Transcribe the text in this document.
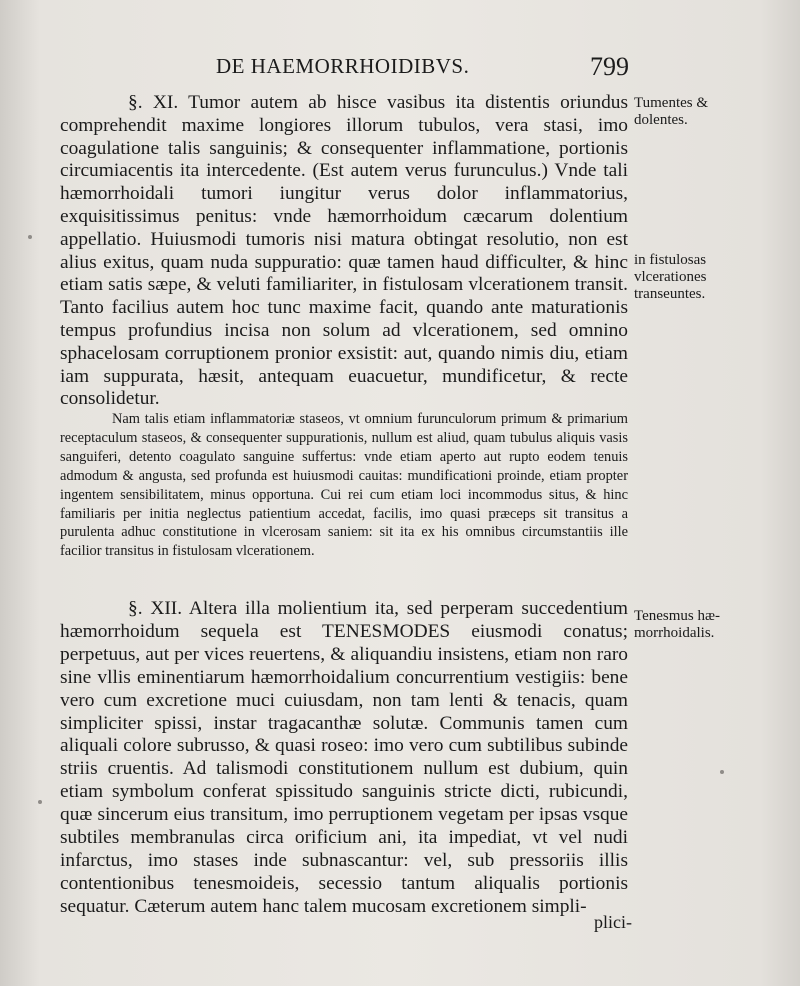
DE HAEMORRHOIDIBVS.	799

§. XI. Tumor autem ab hisce vasibus ita distentis oriundus comprehendit maxime longiores illorum tubulos, vera stasi, imo coagulatione talis sanguinis; & consequenter inflammatione, portionis circumiacentis ita intercedente. (Est autem verus furunculus.) Vnde tali hæmorrhoidali tumori iungitur verus dolor inflammatorius, exquisitissimus penitus: vnde hæmorrhoidum cæcarum dolentium appellatio. Huiusmodi tumoris nisi matura obtingat resolutio, non est alius exitus, quam nuda suppuratio: quæ tamen haud difficulter, & hinc etiam satis sæpe, & veluti familiariter, in fistulosam vlcerationem transit. Tanto facilius autem hoc tunc maxime facit, quando ante maturationis tempus profundius incisa non solum ad vlcerationem, sed omnino sphacelosam corruptionem pronior exsistit: aut, quando nimis diu, etiam iam suppurata, hæsit, antequam euacuetur, mundificetur, & recte consolidetur.

Nam talis etiam inflammatoriæ staseos, vt omnium furunculorum primum & primarium receptaculum staseos, & consequenter suppurationis, nullum est aliud, quam tubulus aliquis vasis sanguiferi, detento coagulato sanguine suffertus: vnde etiam aperto aut rupto eodem tenuis admodum & angusta, sed profunda est huiusmodi cauitas: mundificationi proinde, etiam propter ingentem sensibilitatem, minus opportuna. Cui rei cum etiam loci incommodus situs, & hinc familiaris per initia neglectus patientium accedat, facilis, imo quasi præceps sit transitus a purulenta adhuc constitutione in vlcerosam saniem: sit ita ex his omnibus circumstantiis ille facilior transitus in fistulosam vlcerationem.

§. XII. Altera illa molientium ita, sed perperam succedentium hæmorrhoidum sequela est TENESMODES eiusmodi conatus; perpetuus, aut per vices reuertens, & aliquandiu insistens, etiam non raro sine vllis eminentiarum hæmorrhoidalium concurrentium vestigiis: bene vero cum excretione muci cuiusdam, non tam lenti & tenacis, quam simpliciter spissi, instar tragacanthæ solutæ. Communis tamen cum aliquali colore subrusso, & quasi roseo: imo vero cum subtilibus subinde striis cruentis. Ad talismodi constitutionem nullum est dubium, quin etiam symbolum conferat spissitudo sanguinis stricte dicti, rubicundi, quæ sincerum eius transitum, imo perruptionem vegetam per ipsas vsque subtiles membranulas circa orificium ani, ita impediat, vt vel nudi infarctus, imo stases inde subnascantur: vel, sub pressoriis illis contentionibus tenesmoideis, secessio tantum aliqualis portionis sequatur. Cæterum autem hanc talem mucosam excretionem simpli-

plici-
Tumentes &
dolentes.
in fistulosas
vlcerationes
transeuntes.
Tenesmus hæ-
morrhoidalis.
